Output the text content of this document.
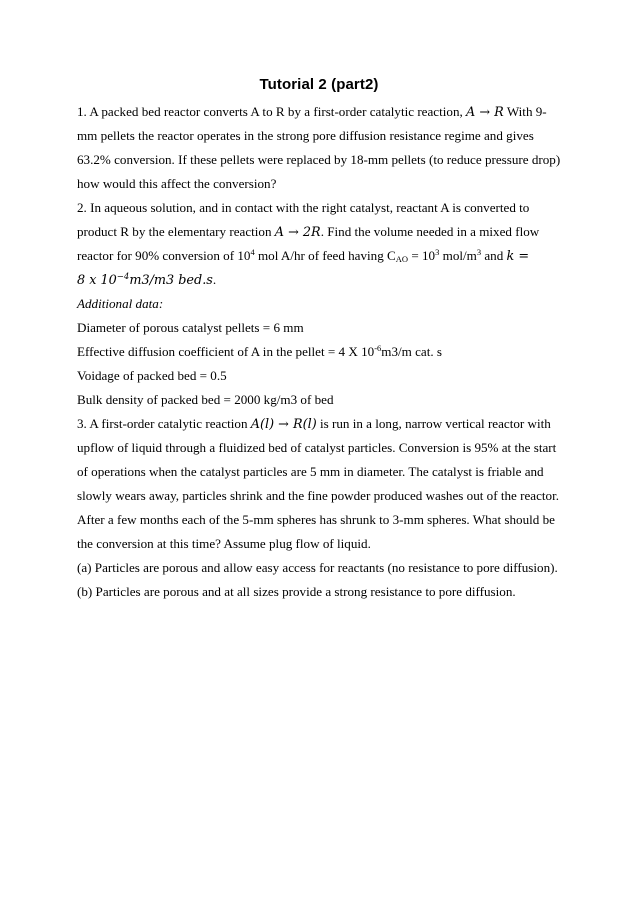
Tutorial 2 (part2)
1. A packed bed reactor converts A to R by a first-order catalytic reaction, A → R With 9-
mm pellets the reactor operates in the strong pore diffusion resistance regime and gives
63.2% conversion. If these pellets were replaced by 18-mm pellets (to reduce pressure drop)
how would this affect the conversion?
2. In aqueous solution, and in contact with the right catalyst, reactant A is converted to
product R by the elementary reaction A → 2R. Find the volume needed in a mixed flow
reactor for 90% conversion of $10^4$ mol A/hr of feed having $C_{AO} = 10^3$ mol/$m^3$ and k =
8 x $10^{-4}m3/m3$ bed.s.
Additional data:
Diameter of porous catalyst pellets = 6 mm
Effective diffusion coefficient of A in the pellet = 4 X $10^{-6}m3/m$ cat. s
Voidage of packed bed = 0.5
Bulk density of packed bed = 2000 kg/m3 of bed
3. A first-order catalytic reaction A(l) → R(l) is run in a long, narrow vertical reactor with
upflow of liquid through a fluidized bed of catalyst particles. Conversion is 95% at the start
of operations when the catalyst particles are 5 mm in diameter. The catalyst is friable and
slowly wears away, particles shrink and the fine powder produced washes out of the reactor.
After a few months each of the 5-mm spheres has shrunk to 3-mm spheres. What should be
the conversion at this time? Assume plug flow of liquid.
(a) Particles are porous and allow easy access for reactants (no resistance to pore diffusion).
(b) Particles are porous and at all sizes provide a strong resistance to pore diffusion.
